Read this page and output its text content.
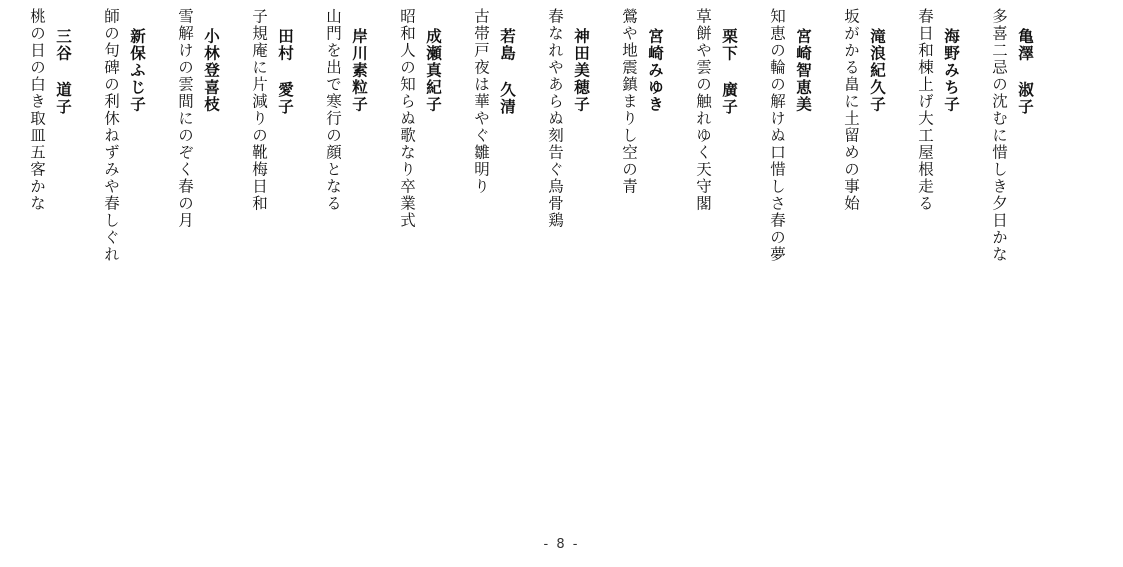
亀澤 淑子
多喜二忌の沈むに惜しき夕日かな
海野みち子
春日和棟上げ大工屋根走る
滝浪紀久子
坂がかる畠に土留めの事始
宮崎智恵美
知恵の輪の解けぬ口惜しさ春の夢
栗下 廣子
草餅や雲の触れゆく天守閣
宮崎みゆき
鶯や地震鎮まりし空の青
神田美穂子
春なれやあらぬ刻告ぐ烏骨鶏
若島 久清
古帯戸夜は華やぐ雛明り
成瀬真紀子
昭和人の知らぬ歌なり卒業式
岸川素粒子
山門を出で寒行の顔となる
田村 愛子
子規庵に片減りの靴梅日和
小林登喜枝
雪解けの雲間にのぞく春の月
新保ふじ子
師の句碑の利休ねずみや春しぐれ
三谷 道子
桃の日の白き取皿五客かな
- 8 -
